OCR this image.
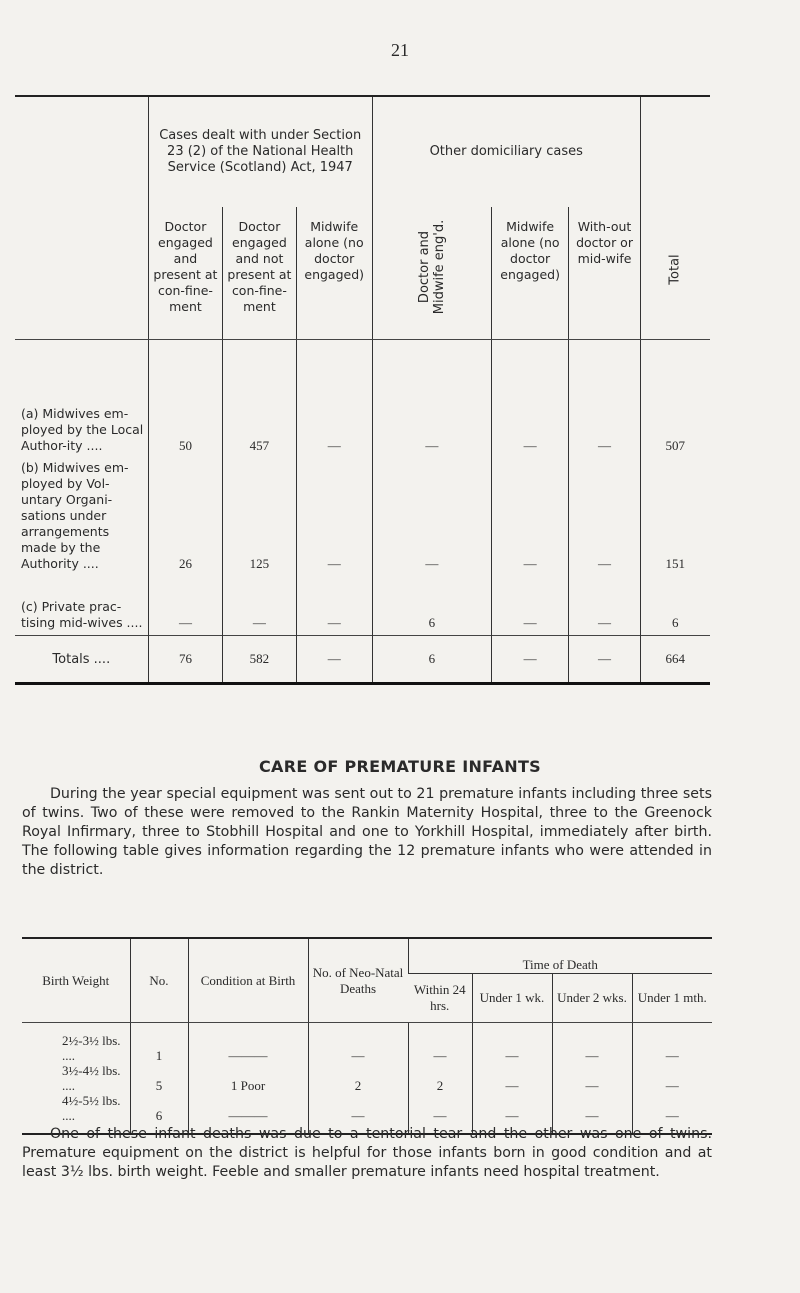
21
	Cases dealt with under Section 23 (2) of the National Health Service (Scotland) Act, 1947			Other domiciliary cases			Total

	Doctor engaged and present at con-fine-ment	Doctor engaged and not present at con-fine-ment	Midwife alone (no doctor engaged)	Doctor and Midwife eng'd.	Midwife alone (no doctor engaged)	With-out doctor or mid-wife	
(a) Midwives em-ployed by the Local Author-ity ....	50	457	—	—	—	—	507
(b) Midwives em-ployed by Vol-untary Organi-sations under arrangements made by the Authority ....	26	125	—	—	—	—	151
(c) Private prac-tising mid-wives ....	—	—	—	6	—	—	6
Totals ....	76	582	—	6	—	—	664
CARE OF PREMATURE INFANTS

During the year special equipment was sent out to 21 premature infants including three sets of twins. Two of these were removed to the Rankin Maternity Hospital, three to the Greenock Royal Infirmary, three to Stobhill Hospital and one to Yorkhill Hospital, immediately after birth. The following table gives information regarding the 12 premature infants who were attended in the district.

Birth Weight	No.	Condition at Birth	No. of Neo-Natal Deaths	Time of Death			
				Within 24 hrs.	Under 1 wk.	Under 2 wks.	Under 1 mth.
2½-3½ lbs. ....	1	———	—	—	—	—	—
3½-4½ lbs. ....	5	1 Poor	2	2	—	—	—
4½-5½ lbs. ....	6	———	—	—	—	—	—

One of these infant deaths was due to a tentorial tear and the other was one of twins. Premature equipment on the district is helpful for those infants born in good condition and at least 3½ lbs. birth weight. Feeble and smaller premature infants need hospital treatment.
